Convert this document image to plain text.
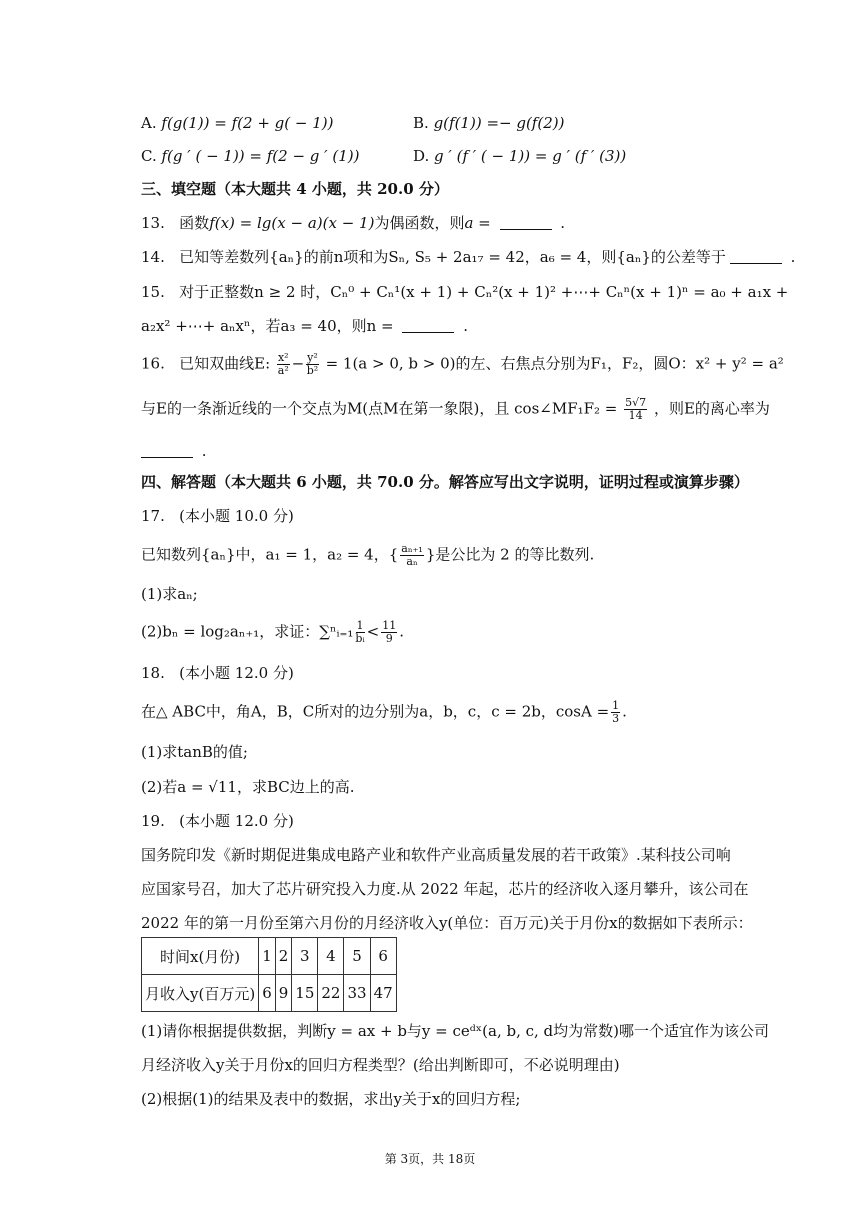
A. f(g(1)) = f(2 + g( − 1))	B. g(f(1)) =− g(f(2))
C. f(g ′ ( − 1)) = f(2 − g ′ (1))	D. g ′ (f ′ ( − 1)) = g ′ (f ′ (3))
三、填空题（本大题共 4 小题，共 20.0 分）
13. 函数f(x) = lg(x − a)(x − 1)为偶函数，则a =	.
14. 已知等差数列{aₙ}的前n项和为Sₙ, S₅ + 2a₁₇ = 42，a₆ = 4，则{aₙ}的公差等于	.
15. 对于正整数n ≥ 2 时，Cₙ⁰ + Cₙ¹(x + 1) + Cₙ²(x + 1)² +⋯+ Cₙⁿ(x + 1)ⁿ = a₀ + a₁x +
a₂x² +⋯+ aₙxⁿ，若a₃ = 40，则n =	.
16. 已知双曲线E: $\frac{\text{x²}}{\text{a²}} - \frac{\text{y²}}{\text{b²}} = 1(a > 0$, b > 0)的左、右焦点分别为F₁，F₂，圆O：x² + y² = a²
与E的一条渐近线的一个交点为M(点M在第一象限)，且 cos∠MF₁F₂ = $\frac{5√7}{14}$ ，则E的离心率为
.
四、解答题（本大题共 6 小题，共 70.0 分。解答应写出文字说明，证明过程或演算步骤）
17. (本小题 10.0 分)
已知数列{aₙ}中，a₁ = 1，a₂ = 4，{ $\frac{\text{aₙ₊₁}}{\text{aₙ}}$ }是公比为 2 的等比数列.
(1)求aₙ;
(2)bₙ = log₂aₙ₊₁，求证：∑ⁿᵢ₌₁ $\frac{1}{\text{bᵢ}} < \frac{11}{9}$ .
18. (本小题 12.0 分)
在△ ABC中，角A，B，C所对的边分别为a，b，c，c = 2b，$\cos A = \frac{1}{3}$ .
(1)求tanB的值;
(2)若a = √11，求BC边上的高.
19. (本小题 12.0 分)
国务院印发《新时期促进集成电路产业和软件产业高质量发展的若干政策》.某科技公司响
应国家号召，加大了芯片研究投入力度.从 2022 年起，芯片的经济收入逐月攀升，该公司在
2022 年的第一月份至第六月份的月经济收入y(单位：百万元)关于月份x的数据如下表所示：
时间x(月份)	1	2	3	4	5	6
月收入y(百万元)	6	9	15	22	33	47
(1)请你根据提供数据，判断y = ax + b与y = ceᵈˣ(a, b, c, d均为常数)哪一个适宜作为该公司
月经济收入y关于月份x的回归方程类型？(给出判断即可，不必说明理由)
(2)根据(1)的结果及表中的数据，求出y关于x的回归方程;
第 3页，共 18页
